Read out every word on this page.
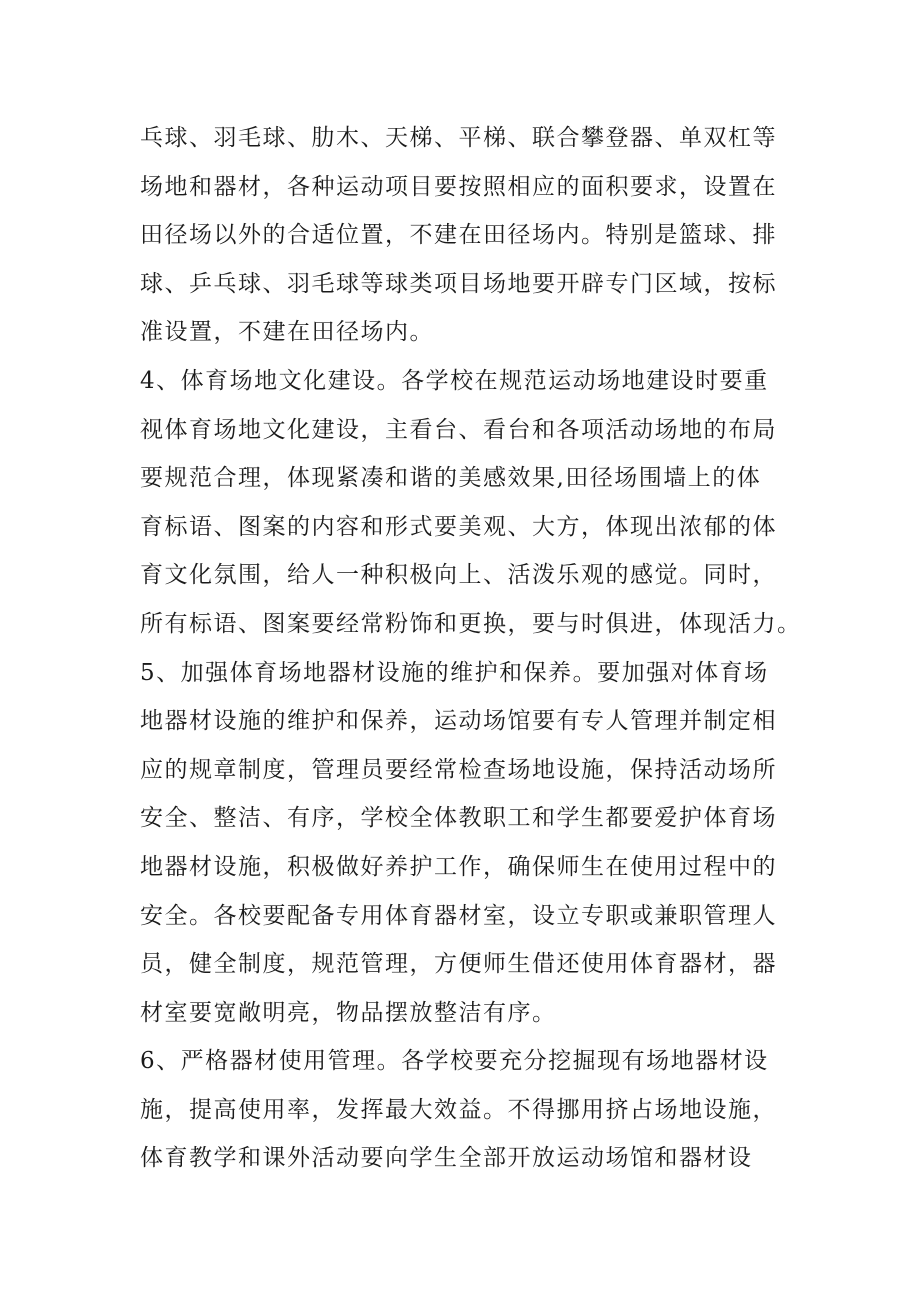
乓球、羽毛球、肋木、天梯、平梯、联合攀登器、单双杠等
场地和器材，各种运动项目要按照相应的面积要求，设置在
田径场以外的合适位置，不建在田径场内。特别是篮球、排
球、乒乓球、羽毛球等球类项目场地要开辟专门区域，按标
准设置，不建在田径场内。
4、体育场地文化建设。各学校在规范运动场地建设时要重
视体育场地文化建设，主看台、看台和各项活动场地的布局
要规范合理，体现紧凑和谐的美感效果,田径场围墙上的体
育标语、图案的内容和形式要美观、大方，体现出浓郁的体
育文化氛围，给人一种积极向上、活泼乐观的感觉。同时，
所有标语、图案要经常粉饰和更换，要与时俱进，体现活力。
5、加强体育场地器材设施的维护和保养。要加强对体育场
地器材设施的维护和保养，运动场馆要有专人管理并制定相
应的规章制度，管理员要经常检查场地设施，保持活动场所
安全、整洁、有序，学校全体教职工和学生都要爱护体育场
地器材设施，积极做好养护工作，确保师生在使用过程中的
安全。各校要配备专用体育器材室，设立专职或兼职管理人
员，健全制度，规范管理，方便师生借还使用体育器材，器
材室要宽敞明亮，物品摆放整洁有序。
6、严格器材使用管理。各学校要充分挖掘现有场地器材设
施，提高使用率，发挥最大效益。不得挪用挤占场地设施，
体育教学和课外活动要向学生全部开放运动场馆和器材设
